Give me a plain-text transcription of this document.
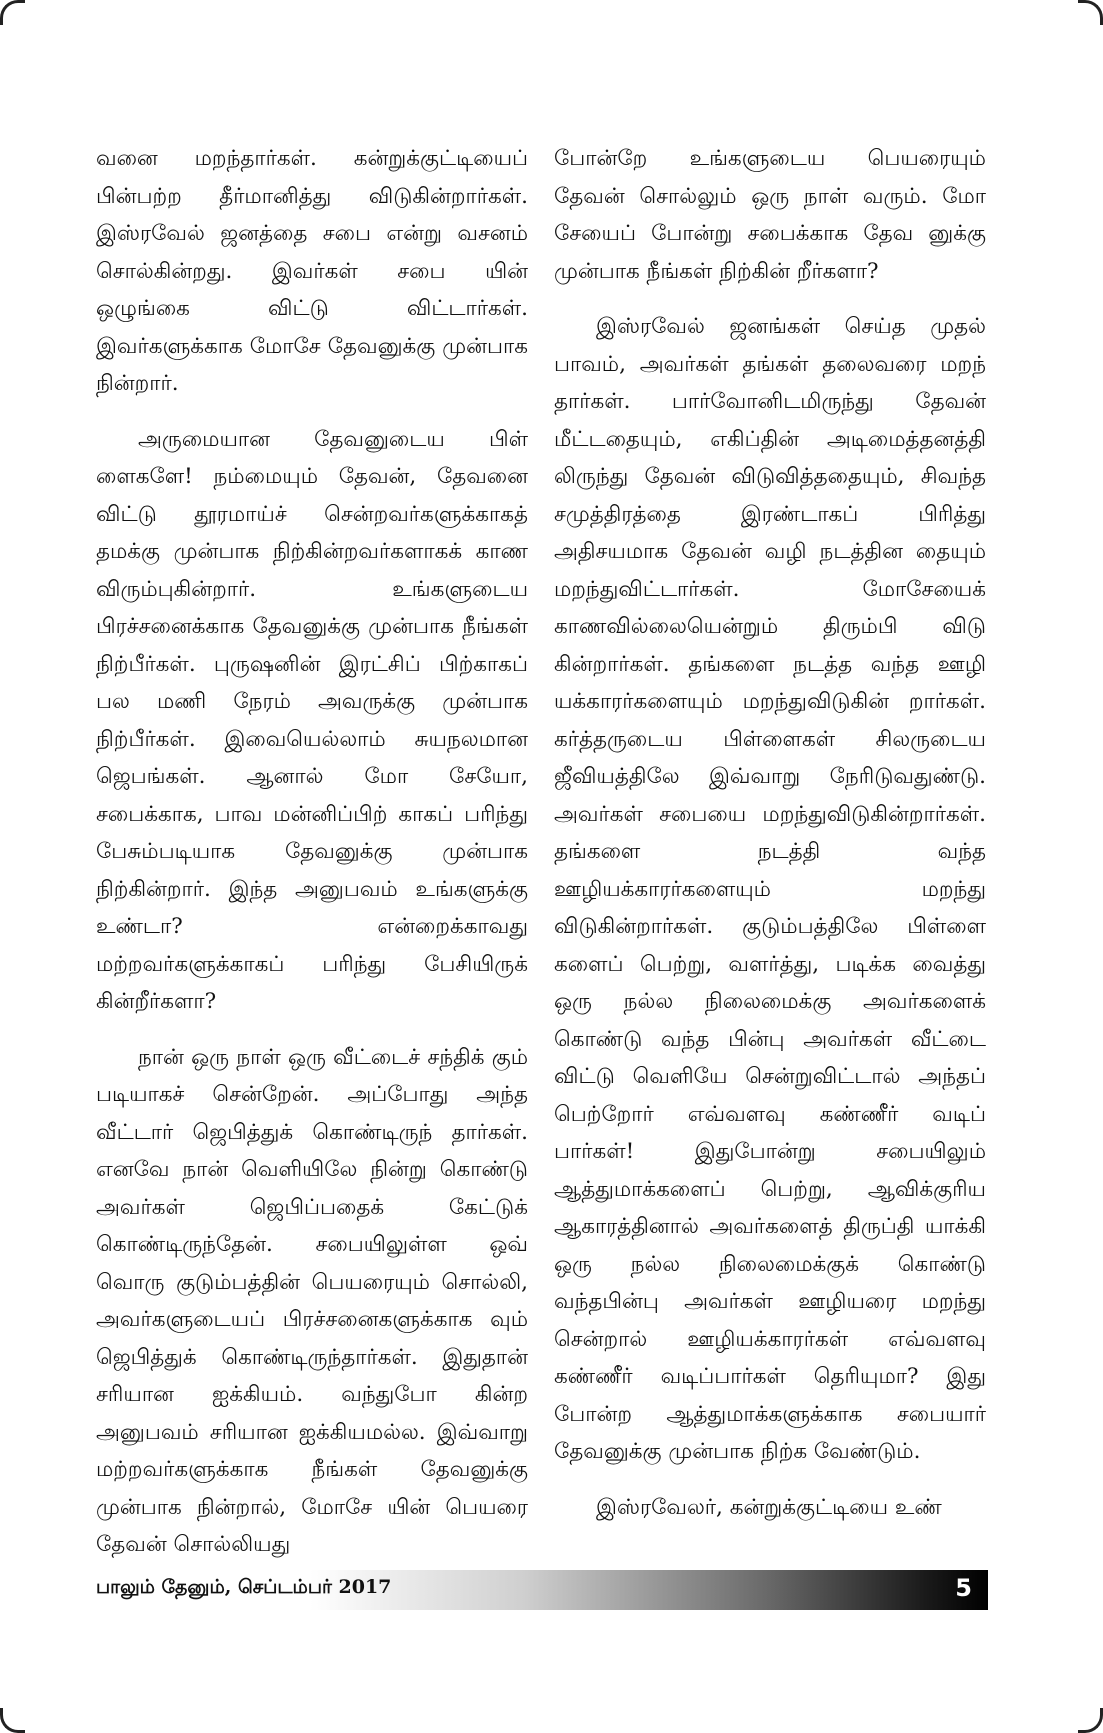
வனை மறந்தார்கள். கன்றுக்குட்டியைப் பின்பற்ற தீர்மானித்து விடுகின்றார்கள். இஸ்ரவேல் ஜனத்தை சபை என்று வசனம் சொல்கின்றது. இவர்கள் சபை யின் ஒழுங்கை விட்டு விட்டார்கள். இவர்களுக்காக மோசே தேவனுக்கு முன்பாக நின்றார்.

அருமையான தேவனுடைய பிள் ளைகளே! நம்மையும் தேவன், தேவனை விட்டு தூரமாய்ச் சென்றவர்களுக்காகத் தமக்கு முன்பாக நிற்கின்றவர்களாகக் காண விரும்புகின்றார். உங்களுடைய பிரச்சனைக்காக தேவனுக்கு முன்பாக நீங்கள் நிற்பீர்கள். புருஷனின் இரட்சிப் பிற்காகப் பல மணி நேரம் அவருக்கு முன்பாக நிற்பீர்கள். இவையெல்லாம் சுயநலமான ஜெபங்கள். ஆனால் மோ சேயோ, சபைக்காக, பாவ மன்னிப்பிற் காகப் பரிந்து பேசும்படியாக தேவனுக்கு முன்பாக நிற்கின்றார். இந்த அனுபவம் உங்களுக்கு உண்டா? என்றைக்காவது மற்றவர்களுக்காகப் பரிந்து பேசியிருக் கின்றீர்களா?

நான் ஒரு நாள் ஒரு வீட்டைச் சந்திக் கும் படியாகச் சென்றேன். அப்போது அந்த வீட்டார் ஜெபித்துக் கொண்டிருந் தார்கள். எனவே நான் வெளியிலே நின்று கொண்டு அவர்கள் ஜெபிப்பதைக் கேட்டுக் கொண்டிருந்தேன். சபையிலுள்ள ஒவ் வொரு குடும்பத்தின் பெயரையும் சொல்லி, அவர்களுடையப் பிரச்சனைகளுக்காக வும் ஜெபித்துக் கொண்டிருந்தார்கள். இதுதான் சரியான ஐக்கியம். வந்துபோ கின்ற அனுபவம் சரியான ஐக்கியமல்ல. இவ்வாறு மற்றவர்களுக்காக நீங்கள் தேவனுக்கு முன்பாக நின்றால், மோசே யின் பெயரை தேவன் சொல்லியது

போன்றே உங்களுடைய பெயரையும் தேவன் சொல்லும் ஒரு நாள் வரும். மோ சேயைப் போன்று சபைக்காக தேவ னுக்கு முன்பாக நீங்கள் நிற்கின் றீர்களா?

இஸ்ரவேல் ஜனங்கள் செய்த முதல் பாவம், அவர்கள் தங்கள் தலைவரை மறந் தார்கள். பார்வோனிடமிருந்து தேவன் மீட்டதையும், எகிப்தின் அடிமைத்தனத்தி லிருந்து தேவன் விடுவித்ததையும், சிவந்த சமுத்திரத்தை இரண்டாகப் பிரித்து அதிசயமாக தேவன் வழி நடத்தின தையும் மறந்துவிட்டார்கள். மோசேயைக் காணவில்லையென்றும் திரும்பி விடு கின்றார்கள். தங்களை நடத்த வந்த ஊழி யக்காரர்களையும் மறந்துவிடுகின் றார்கள். கர்த்தருடைய பிள்ளைகள் சிலருடைய ஜீவியத்திலே இவ்வாறு நேரிடுவதுண்டு. அவர்கள் சபையை மறந்துவிடுகின்றார்கள். தங்களை நடத்தி வந்த ஊழியக்காரர்களையும் மறந்து விடுகின்றார்கள். குடும்பத்திலே பிள்ளை களைப் பெற்று, வளர்த்து, படிக்க வைத்து ஒரு நல்ல நிலைமைக்கு அவர்களைக் கொண்டு வந்த பின்பு அவர்கள் வீட்டை விட்டு வெளியே சென்றுவிட்டால் அந்தப் பெற்றோர் எவ்வளவு கண்ணீர் வடிப் பார்கள்! இதுபோன்று சபையிலும் ஆத்துமாக்களைப் பெற்று, ஆவிக்குரிய ஆகாரத்தினால் அவர்களைத் திருப்தி யாக்கி ஒரு நல்ல நிலைமைக்குக் கொண்டு வந்தபின்பு அவர்கள் ஊழியரை மறந்து சென்றால் ஊழியக்காரர்கள் எவ்வளவு கண்ணீர் வடிப்பார்கள் தெரியுமா? இது போன்ற ஆத்துமாக்களுக்காக சபையார் தேவனுக்கு முன்பாக நிற்க வேண்டும்.

இஸ்ரவேலர், கன்றுக்குட்டியை உண்

பாலும் தேனும், செப்டம்பர் 2017	5
